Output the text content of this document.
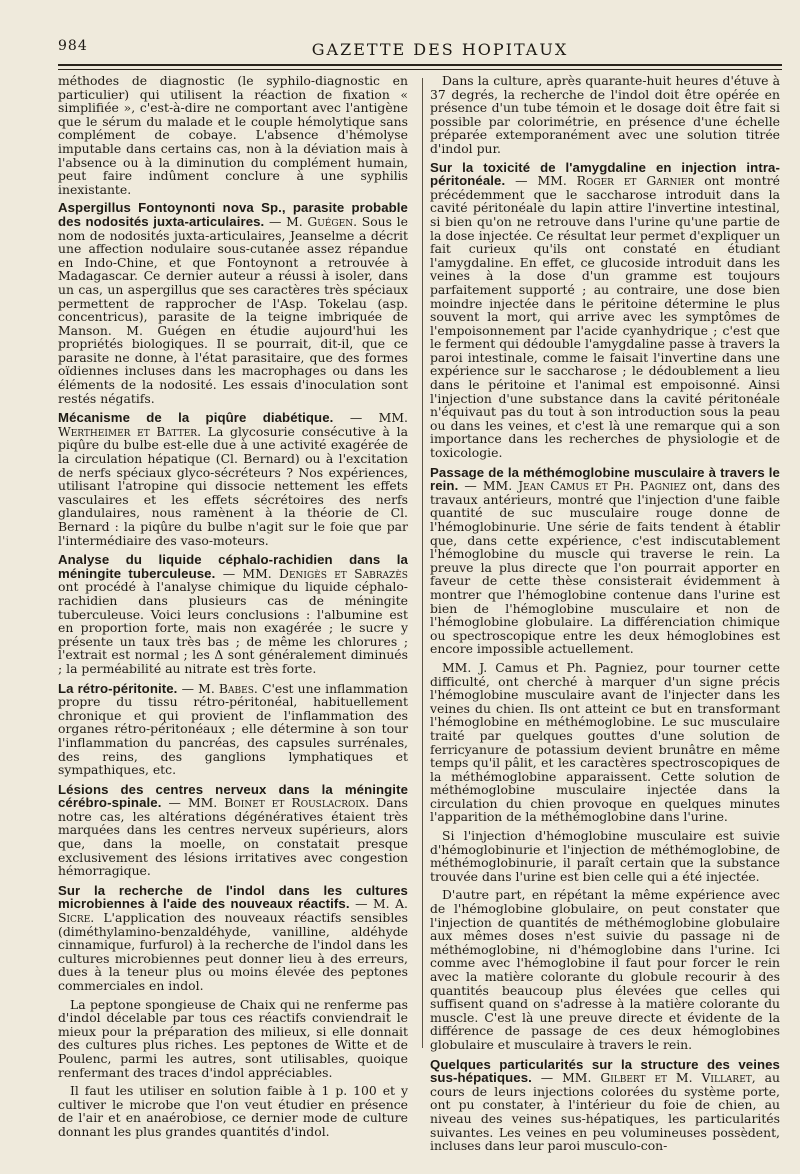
984	GAZETTE DES HOPITAUX

méthodes de diagnostic (le syphilo-diagnostic en particulier) qui utilisent la réaction de fixation « simplifiée », c'est-à-dire ne comportant avec l'antigène que le sérum du malade et le couple hémolytique sans complément de cobaye. L'absence d'hémolyse imputable dans certains cas, non à la déviation mais à l'absence ou à la diminution du complément humain, peut faire indûment conclure à une syphilis inexistante.

Aspergillus Fontoynonti nova Sp., parasite probable des nodosités juxta-articulaires. — M. Guégen. Sous le nom de nodosités juxta-articulaires, Jeanselme a décrit une affection nodulaire sous-cutanée assez répandue en Indo-Chine, et que Fontoynont a retrouvée à Madagascar. Ce dernier auteur a réussi à isoler, dans un cas, un aspergillus que ses caractères très spéciaux permettent de rapprocher de l'Asp. Tokelau (asp. concentricus), parasite de la teigne imbriquée de Manson. M. Guégen en étudie aujourd'hui les propriétés biologiques. Il se pourrait, dit-il, que ce parasite ne donne, à l'état parasitaire, que des formes oïdiennes incluses dans les macrophages ou dans les éléments de la nodosité. Les essais d'inoculation sont restés négatifs.

Mécanisme de la piqûre diabétique. — MM. Wertheimer et Batter. La glycosurie consécutive à la piqûre du bulbe est-elle due à une activité exagérée de la circulation hépatique (Cl. Bernard) ou à l'excitation de nerfs spéciaux glyco-sécréteurs ? Nos expériences, utilisant l'atropine qui dissocie nettement les effets vasculaires et les effets sécrétoires des nerfs glandulaires, nous ramènent à la théorie de Cl. Bernard : la piqûre du bulbe n'agit sur le foie que par l'intermédiaire des vaso-moteurs.

Analyse du liquide céphalo-rachidien dans la méningite tuberculeuse. — MM. Denigès et Sabrazès ont procédé à l'analyse chimique du liquide céphalo-rachidien dans plusieurs cas de méningite tuberculeuse. Voici leurs conclusions : l'albumine est en proportion forte, mais non exagérée ; le sucre y présente un taux très bas ; de même les chlorures ; l'extrait est normal ; les Δ sont généralement diminués ; la perméabilité au nitrate est très forte.

La rétro-péritonite. — M. Babes. C'est une inflammation propre du tissu rétro-péritonéal, habituellement chronique et qui provient de l'inflammation des organes rétro-péritonéaux ; elle détermine à son tour l'inflammation du pancréas, des capsules surrénales, des reins, des ganglions lymphatiques et sympathiques, etc.

Lésions des centres nerveux dans la méningite cérébro-spinale. — MM. Boinet et Rouslacroix. Dans notre cas, les altérations dégénératives étaient très marquées dans les centres nerveux supérieurs, alors que, dans la moelle, on constatait presque exclusivement des lésions irritatives avec congestion hémorragique.

Sur la recherche de l'indol dans les cultures microbiennes à l'aide des nouveaux réactifs. — M. A. Sicre. L'application des nouveaux réactifs sensibles (diméthylamino-benzaldéhyde, vanilline, aldéhyde cinnamique, furfurol) à la recherche de l'indol dans les cultures microbiennes peut donner lieu à des erreurs, dues à la teneur plus ou moins élevée des peptones commerciales en indol.

La peptone spongieuse de Chaix qui ne renferme pas d'indol décelable par tous ces réactifs conviendrait le mieux pour la préparation des milieux, si elle donnait des cultures plus riches. Les peptones de Witte et de Poulenc, parmi les autres, sont utilisables, quoique renfermant des traces d'indol appréciables.

Il faut les utiliser en solution faible à 1 p. 100 et y cultiver le microbe que l'on veut étudier en présence de l'air et en anaérobiose, ce dernier mode de culture donnant les plus grandes quantités d'indol.

Dans la culture, après quarante-huit heures d'étuve à 37 degrés, la recherche de l'indol doit être opérée en présence d'un tube témoin et le dosage doit être fait si possible par colorimétrie, en présence d'une échelle préparée extemporanément avec une solution titrée d'indol pur.

Sur la toxicité de l'amygdaline en injection intra-péritonéale. — MM. Roger et Garnier ont montré précédemment que le saccharose introduit dans la cavité péritonéale du lapin attire l'invertine intestinal, si bien qu'on ne retrouve dans l'urine qu'une partie de la dose injectée. Ce résultat leur permet d'expliquer un fait curieux qu'ils ont constaté en étudiant l'amygdaline. En effet, ce glucoside introduit dans les veines à la dose d'un gramme est toujours parfaitement supporté ; au contraire, une dose bien moindre injectée dans le péritoine détermine le plus souvent la mort, qui arrive avec les symptômes de l'empoisonnement par l'acide cyanhydrique ; c'est que le ferment qui dédouble l'amygdaline passe à travers la paroi intestinale, comme le faisait l'invertine dans une expérience sur le saccharose ; le dédoublement a lieu dans le péritoine et l'animal est empoisonné. Ainsi l'injection d'une substance dans la cavité péritonéale n'équivaut pas du tout à son introduction sous la peau ou dans les veines, et c'est là une remarque qui a son importance dans les recherches de physiologie et de toxicologie.

Passage de la méthémoglobine musculaire à travers le rein. — MM. Jean Camus et Ph. Pagniez ont, dans des travaux antérieurs, montré que l'injection d'une faible quantité de suc musculaire rouge donne de l'hémoglobinurie. Une série de faits tendent à établir que, dans cette expérience, c'est indiscutablement l'hémoglobine du muscle qui traverse le rein. La preuve la plus directe que l'on pourrait apporter en faveur de cette thèse consisterait évidemment à montrer que l'hémoglobine contenue dans l'urine est bien de l'hémoglobine musculaire et non de l'hémoglobine globulaire. La différenciation chimique ou spectroscopique entre les deux hémoglobines est encore impossible actuellement.

MM. J. Camus et Ph. Pagniez, pour tourner cette difficulté, ont cherché à marquer d'un signe précis l'hémoglobine musculaire avant de l'injecter dans les veines du chien. Ils ont atteint ce but en transformant l'hémoglobine en méthémoglobine. Le suc musculaire traité par quelques gouttes d'une solution de ferricyanure de potassium devient brunâtre en même temps qu'il pâlit, et les caractères spectroscopiques de la méthémoglobine apparaissent. Cette solution de méthémoglobine musculaire injectée dans la circulation du chien provoque en quelques minutes l'apparition de la méthémoglobine dans l'urine.

Si l'injection d'hémoglobine musculaire est suivie d'hémoglobinurie et l'injection de méthémoglobine, de méthémoglobinurie, il paraît certain que la substance trouvée dans l'urine est bien celle qui a été injectée.

D'autre part, en répétant la même expérience avec de l'hémoglobine globulaire, on peut constater que l'injection de quantités de méthémoglobine globulaire aux mêmes doses n'est suivie du passage ni de méthémoglobine, ni d'hémoglobine dans l'urine. Ici comme avec l'hémoglobine il faut pour forcer le rein avec la matière colorante du globule recourir à des quantités beaucoup plus élevées que celles qui suffisent quand on s'adresse à la matière colorante du muscle. C'est là une preuve directe et évidente de la différence de passage de ces deux hémoglobines globulaire et musculaire à travers le rein.

Quelques particularités sur la structure des veines sus-hépatiques. — MM. Gilbert et M. Villaret, au cours de leurs injections colorées du système porte, ont pu constater, à l'intérieur du foie de chien, au niveau des veines sus-hépatiques, les particularités suivantes. Les veines en peu volumineuses possèdent, incluses dans leur paroi musculo-con-
